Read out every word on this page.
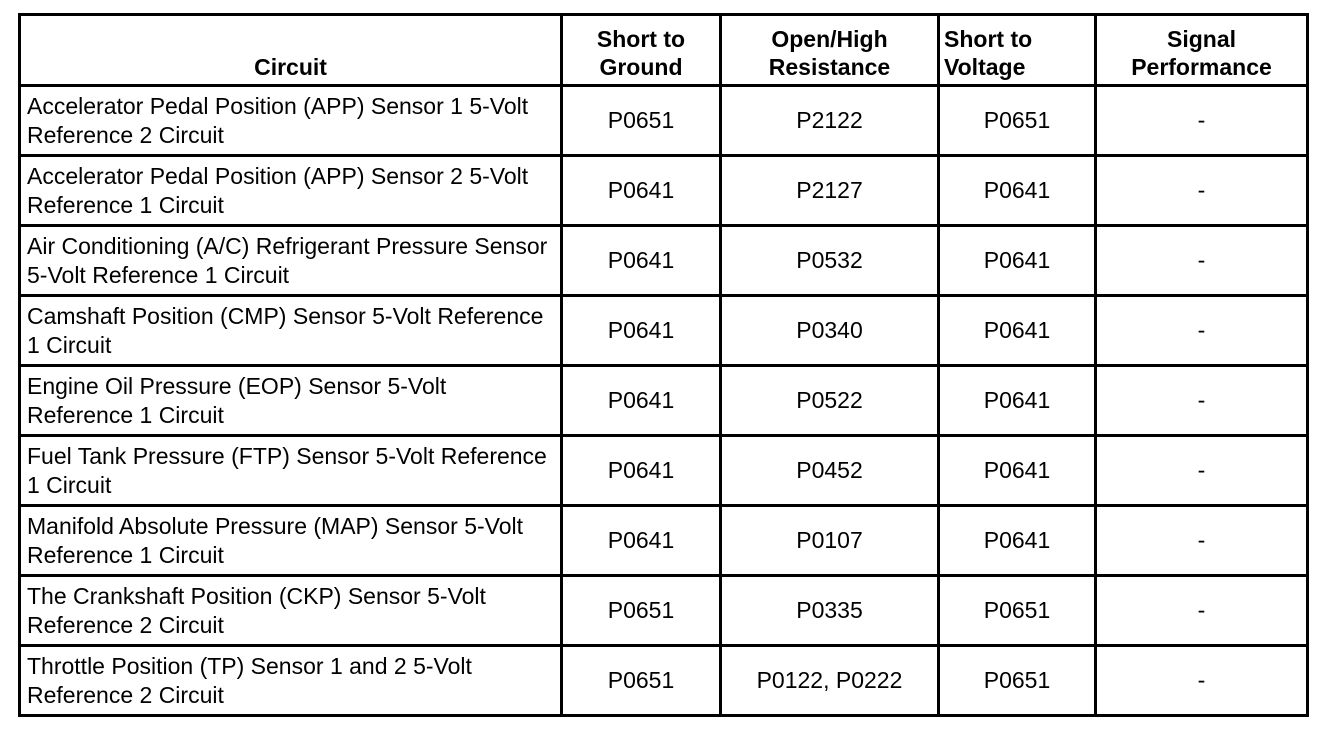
Circuit	Short to Ground	Open/High Resistance	Short to Voltage	Signal Performance
Accelerator Pedal Position (APP) Sensor 1 5-Volt Reference 2 Circuit	P0651	P2122	P0651	-
Accelerator Pedal Position (APP) Sensor 2 5-Volt Reference 1 Circuit	P0641	P2127	P0641	-
Air Conditioning (A/C) Refrigerant Pressure Sensor 5-Volt Reference 1 Circuit	P0641	P0532	P0641	-
Camshaft Position (CMP) Sensor 5-Volt Reference 1 Circuit	P0641	P0340	P0641	-
Engine Oil Pressure (EOP) Sensor 5-Volt Reference 1 Circuit	P0641	P0522	P0641	-
Fuel Tank Pressure (FTP) Sensor 5-Volt Reference 1 Circuit	P0641	P0452	P0641	-
Manifold Absolute Pressure (MAP) Sensor 5-Volt Reference 1 Circuit	P0641	P0107	P0641	-
The Crankshaft Position (CKP) Sensor 5-Volt Reference 2 Circuit	P0651	P0335	P0651	-
Throttle Position (TP) Sensor 1 and 2 5-Volt Reference 2 Circuit	P0651	P0122, P0222	P0651	-
